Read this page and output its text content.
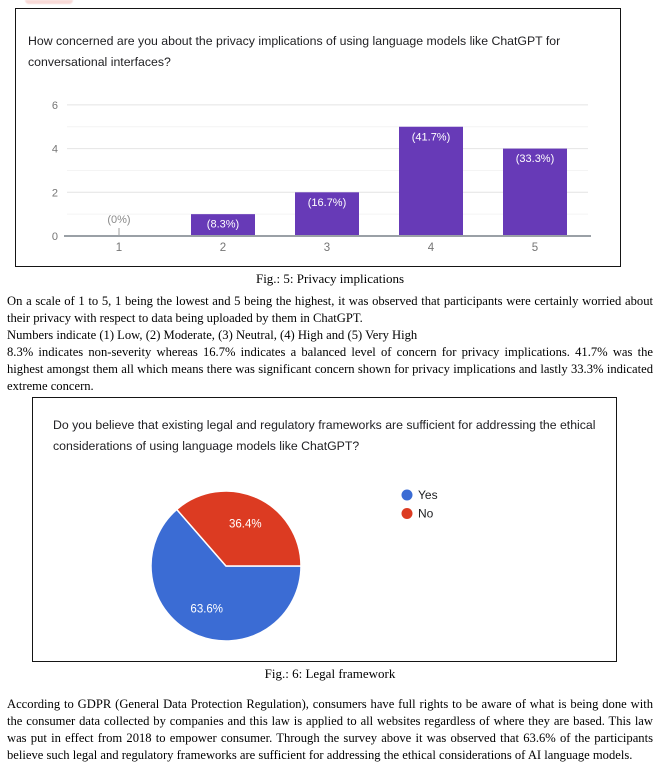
How concerned are you about the privacy implications of using language models like ChatGPT for conversational interfaces?
0
2
4
6
(0%)
1
(8.3%)
2
(16.7%)
3
(41.7%)
4
(33.3%)
5
Fig.: 5: Privacy implications

On a scale of 1 to 5, 1 being the lowest and 5 being the highest, it was observed that participants were certainly worried about their privacy with respect to data being uploaded by them in ChatGPT.

Numbers indicate (1) Low, (2) Moderate, (3) Neutral, (4) High and (5) Very High

8.3% indicates non-severity whereas 16.7% indicates a balanced level of concern for privacy implications. 41.7% was the highest amongst them all which means there was significant concern shown for privacy implications and lastly 33.3% indicated extreme concern.

Do you believe that existing legal and regulatory frameworks are sufficient for addressing the ethical considerations of using language models like ChatGPT?
63.6%
36.4%
Yes
No
Fig.: 6: Legal framework

According to GDPR (General Data Protection Regulation), consumers have full rights to be aware of what is being done with the consumer data collected by companies and this law is applied to all websites regardless of where they are based. This law was put in effect from 2018 to empower consumer. Through the survey above it was observed that 63.6% of the participants believe such legal and regulatory frameworks are sufficient for addressing the ethical considerations of AI language models.
